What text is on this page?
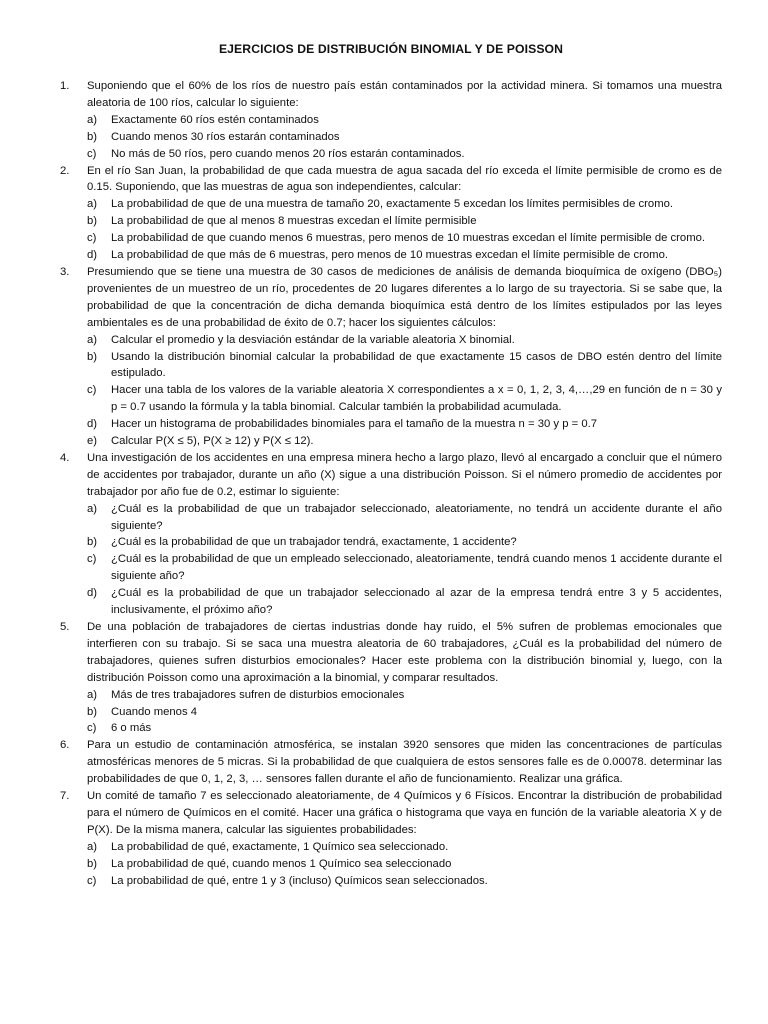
EJERCICIOS DE DISTRIBUCIÓN BINOMIAL Y DE POISSON
1.	Suponiendo que el 60% de los ríos de nuestro país están contaminados por la actividad minera. Si tomamos una muestra aleatoria de 100 ríos, calcular lo siguiente:
a)	Exactamente 60 ríos estén contaminados
b)	Cuando menos 30 ríos estarán contaminados
c)	No más de 50 ríos, pero cuando menos 20 ríos estarán contaminados.
2.	En el río San Juan, la probabilidad de que cada muestra de agua sacada del río exceda el límite permisible de cromo es de 0.15. Suponiendo, que las muestras de agua son independientes, calcular:
a)	La probabilidad de que de una muestra de tamaño 20, exactamente 5 excedan los límites permisibles de cromo.
b)	La probabilidad de que al menos 8 muestras excedan el límite permisible
c)	La probabilidad de que cuando menos 6 muestras, pero menos de 10 muestras excedan el límite permisible de cromo.
d)	La probabilidad de que más de 6 muestras, pero menos de 10 muestras excedan el límite permisible de cromo.
3.	Presumiendo que se tiene una muestra de 30 casos de mediciones de análisis de demanda bioquímica de oxígeno (DBO₅) provenientes de un muestreo de un río, procedentes de 20 lugares diferentes a lo largo de su trayectoria. Si se sabe que, la probabilidad de que la concentración de dicha demanda bioquímica está dentro de los límites estipulados por las leyes ambientales es de una probabilidad de éxito de 0.7; hacer los siguientes cálculos:
a)	Calcular el promedio y la desviación estándar de la variable aleatoria X binomial.
b)	Usando la distribución binomial calcular la probabilidad de que exactamente 15 casos de DBO estén dentro del límite estipulado.
c)	Hacer una tabla de los valores de la variable aleatoria X correspondientes a x = 0, 1, 2, 3, 4,…,29 en función de n = 30 y p = 0.7 usando la fórmula y la tabla binomial. Calcular también la probabilidad acumulada.
d)	Hacer un histograma de probabilidades binomiales para el tamaño de la muestra n = 30 y p = 0.7
e)	Calcular P(X ≤ 5), P(X ≥ 12) y P(X ≤ 12).
4.	Una investigación de los accidentes en una empresa minera hecho a largo plazo, llevó al encargado a concluir que el número de accidentes por trabajador, durante un año (X) sigue a una distribución Poisson. Si el número promedio de accidentes por trabajador por año fue de 0.2, estimar lo siguiente:
a)	¿Cuál es la probabilidad de que un trabajador seleccionado, aleatoriamente, no tendrá un accidente durante el año siguiente?
b)	¿Cuál es la probabilidad de que un trabajador tendrá, exactamente, 1 accidente?
c)	¿Cuál es la probabilidad de que un empleado seleccionado, aleatoriamente, tendrá cuando menos 1 accidente durante el siguiente año?
d)	¿Cuál es la probabilidad de que un trabajador seleccionado al azar de la empresa tendrá entre 3 y 5 accidentes, inclusivamente, el próximo año?
5.	De una población de trabajadores de ciertas industrias donde hay ruido, el 5% sufren de problemas emocionales que interfieren con su trabajo. Si se saca una muestra aleatoria de 60 trabajadores, ¿Cuál es la probabilidad del número de trabajadores, quienes sufren disturbios emocionales? Hacer este problema con la distribución binomial y, luego, con la distribución Poisson como una aproximación a la binomial, y comparar resultados.
a)	Más de tres trabajadores sufren de disturbios emocionales
b)	Cuando menos 4
c)	6 o más
6.	Para un estudio de contaminación atmosférica, se instalan 3920 sensores que miden las concentraciones de partículas atmosféricas menores de 5 micras. Si la probabilidad de que cualquiera de estos sensores falle es de 0.00078. determinar las probabilidades de que 0, 1, 2, 3, … sensores fallen durante el año de funcionamiento. Realizar una gráfica.
7.	Un comité de tamaño 7 es seleccionado aleatoriamente, de 4 Químicos y 6 Físicos. Encontrar la distribución de probabilidad para el número de Químicos en el comité. Hacer una gráfica o histograma que vaya en función de la variable aleatoria X y de P(X). De la misma manera, calcular las siguientes probabilidades:
a)	La probabilidad de qué, exactamente, 1 Químico sea seleccionado.
b)	La probabilidad de qué, cuando menos 1 Químico sea seleccionado
c)	La probabilidad de qué, entre 1 y 3 (incluso) Químicos sean seleccionados.
